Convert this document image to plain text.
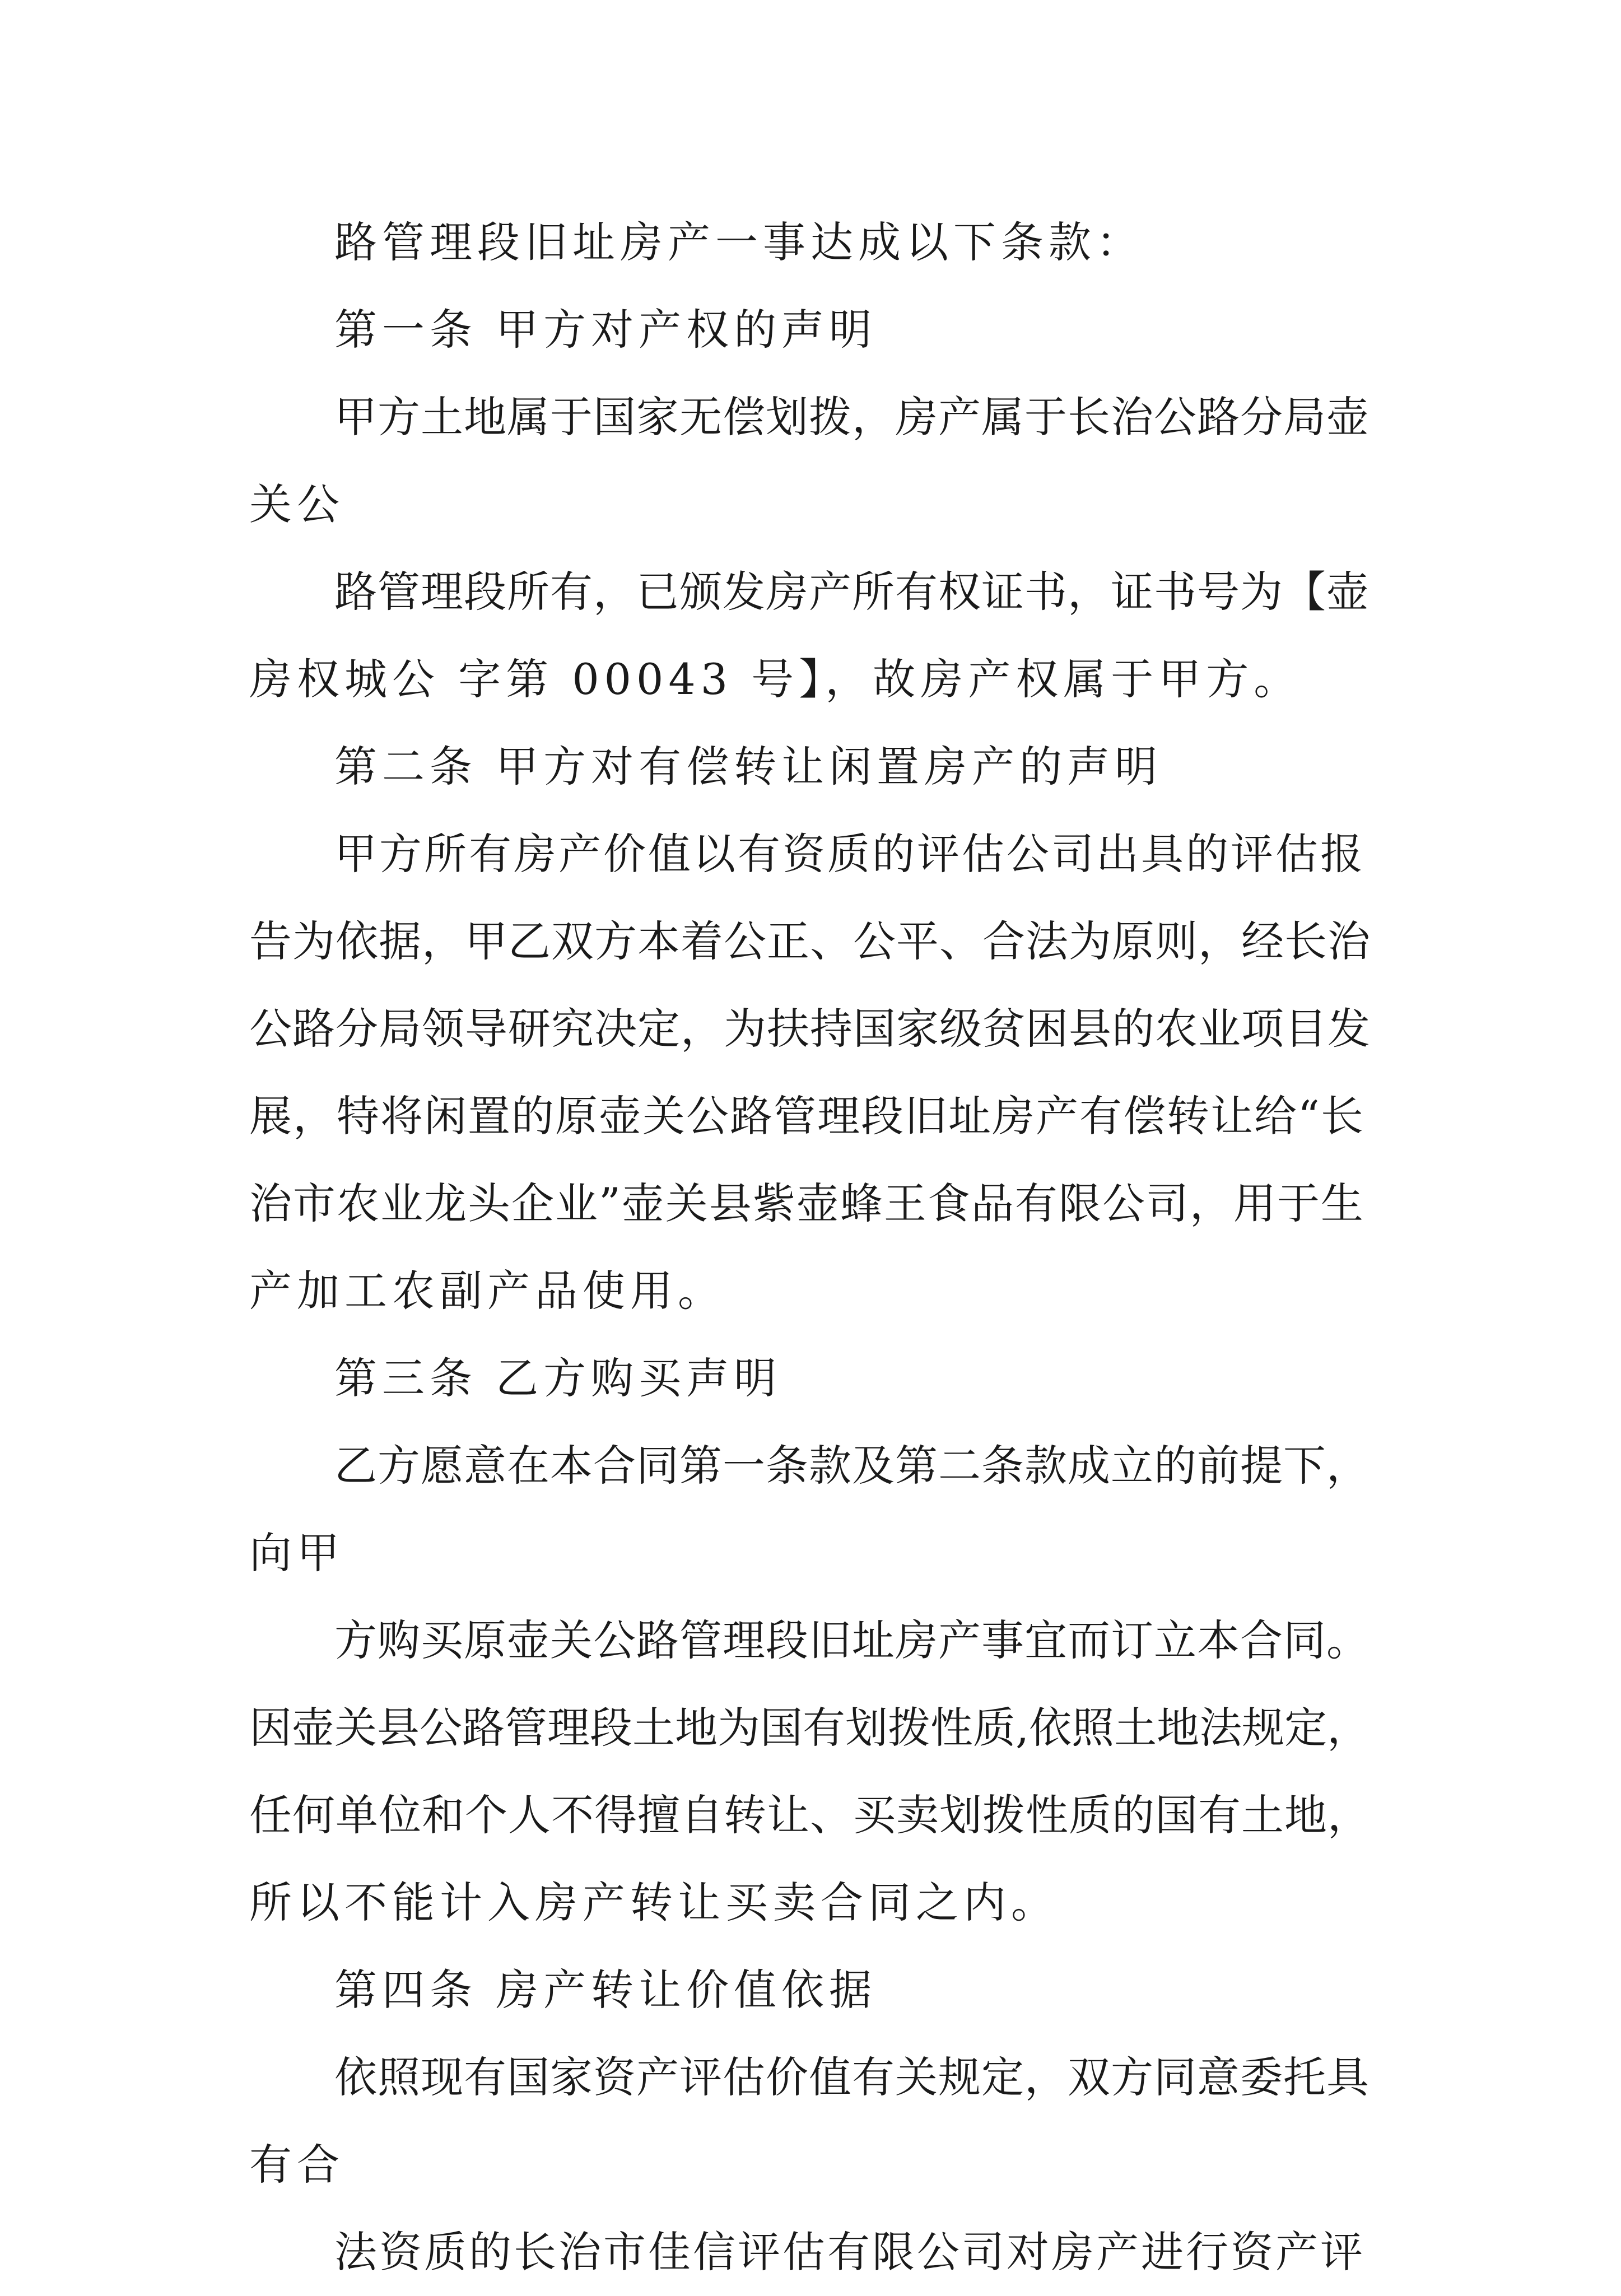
路管理段旧址房产一事达成以下条款：
第一条 甲方对产权的声明
甲方土地属于国家无偿划拨，房产属于长治公路分局壶
关公
路管理段所有，已颁发房产所有权证书，证书号为【壶
房权城公 字第 00043 号】，故房产权属于甲方。
第二条 甲方对有偿转让闲置房产的声明
甲方所有房产价值以有资质的评估公司出具的评估报
告为依据，甲乙双方本着公正、公平、合法为原则，经长治
公路分局领导研究决定，为扶持国家级贫困县的农业项目发
展，特将闲置的原壶关公路管理段旧址房产有偿转让给“长
治市农业龙头企业”壶关县紫壶蜂王食品有限公司，用于生
产加工农副产品使用。
第三条 乙方购买声明
乙方愿意在本合同第一条款及第二条款成立的前提下，
向甲
方购买原壶关公路管理段旧址房产事宜而订立本合同。
因壶关县公路管理段土地为国有划拨性质,依照土地法规定，
任何单位和个人不得擅自转让、买卖划拨性质的国有土地，
所以不能计入房产转让买卖合同之内。
第四条 房产转让价值依据
依照现有国家资产评估价值有关规定，双方同意委托具
有合
法资质的长治市佳信评估有限公司对房产进行资产评
